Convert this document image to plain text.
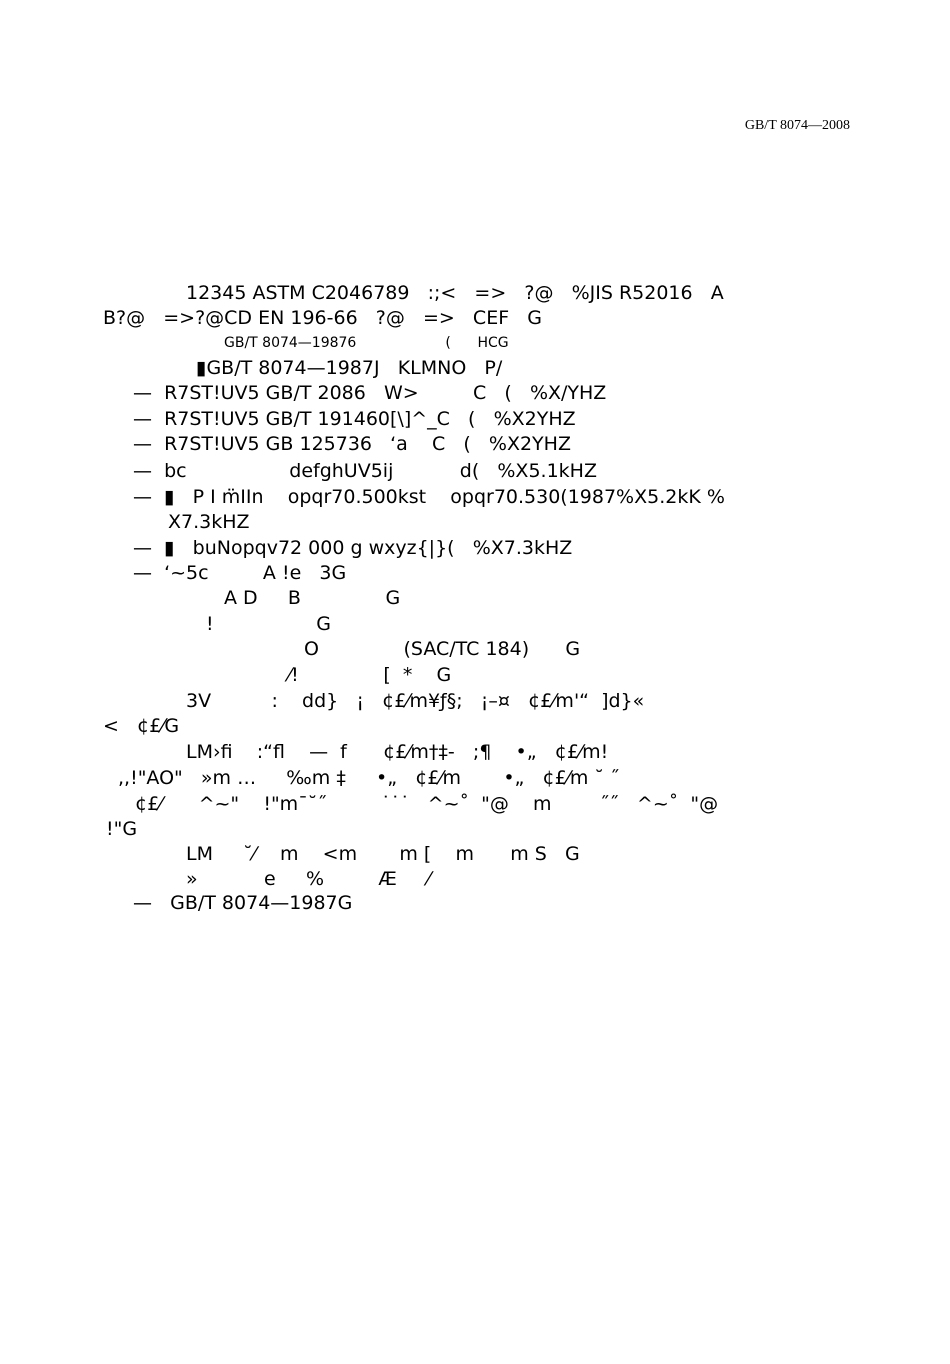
GB/T 8074—2008
12345 ASTM C2046789   :;<   =>   ?@   %JIS R52016   A
B?@   =>?@CD EN 196-66   ?@   =>   CEF   G
GB/T 8074—19876                    (      HCG
▮GB/T 8074—1987J   KLMNO   P/
—  R7ST!UV5 GB/T 2086   W>         C   (   %X/YHZ
—  R7ST!UV5 GB/T 191460[\]^_C   (   %X2YHZ
—  R7ST!UV5 GB 125736   ‘a    C   (   %X2YHZ
—  bc                 defghUV5ij           d(   %X5.1kHZ
—  ▮   P I m̈IIn    opqr70.500kst    opqr70.530(1987%X5.2kK %
X7.3kHZ
—  ▮   buNopqv72 000 g wxyz{|}(   %X7.3kHZ
—  ‘~5c         A !e   3G
A D     B              G
!                 G
O              (SAC/TC 184)      G
⁄!              [  *    G
3V          :    dd}   ¡   ¢£⁄m¥ƒ§;   ¡–¤   ¢£⁄m'“  ]d}«
<   ¢£⁄G
LM›fi    :“fl    —  f      ¢£⁄m†‡-   ;¶    •„   ¢£⁄m!
,,!"AO"   »m …     ‰m ‡     •„   ¢£⁄m       •„   ¢£⁄m ˘ ˝
¢£⁄      ^~"    !"m¯˘˝         ˙˙˙   ^~˚  "@    m        ˝˝   ^~˚  "@
!"G
LM     ˘⁄    m    <m       m [    m      m S   G
»           e     %         Æ     ⁄
—   GB/T 8074—1987G
